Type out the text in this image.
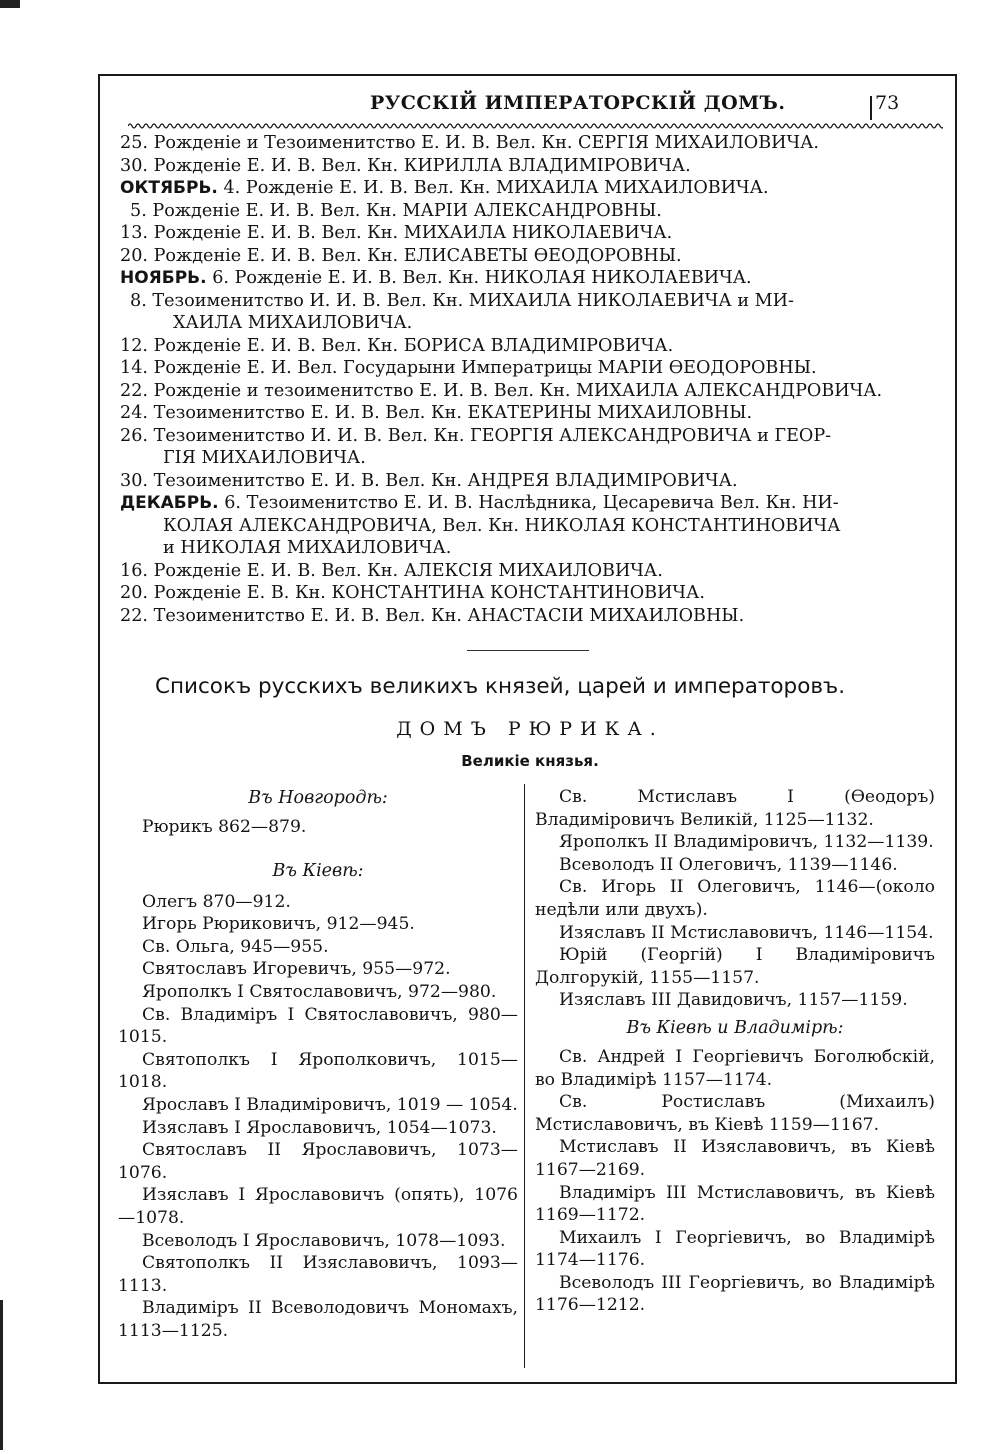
РУССКІЙ ИМПЕРАТОРСКІЙ ДОМЪ.	73
25. Рожденіе и Тезоименитство Е. И. В. Вел. Кн. СЕРГІЯ МИХАИЛОВИЧА.
30. Рожденіе Е. И. В. Вел. Кн. КИРИЛЛА ВЛАДИМІРОВИЧА.
ОКТЯБРЬ. 4. Рожденіе Е. И. В. Вел. Кн. МИХАИЛА МИХАИЛОВИЧА.
5. Рожденіе Е. И. В. Вел. Кн. МАРІИ АЛЕКСАНДРОВНЫ.
13. Рожденіе Е. И. В. Вел. Кн. МИХАИЛА НИКОЛАЕВИЧА.
20. Рожденіе Е. И. В. Вел. Кн. ЕЛИСАВЕТЫ ѲЕОДОРОВНЫ.
НОЯБРЬ. 6. Рожденіе Е. И. В. Вел. Кн. НИКОЛАЯ НИКОЛАЕВИЧА.
8. Тезоименитство И. И. В. Вел. Кн. МИХАИЛА НИКОЛАЕВИЧА и МИ-
ХАИЛА МИХАИЛОВИЧА.
12. Рожденіе Е. И. В. Вел. Кн. БОРИСА ВЛАДИМІРОВИЧА.
14. Рожденіе Е. И. Вел. Государыни Императрицы МАРІИ ѲЕОДОРОВНЫ.
22. Рожденіе и тезоименитство Е. И. В. Вел. Кн. МИХАИЛА АЛЕКСАНДРОВИЧА.
24. Тезоименитство Е. И. В. Вел. Кн. ЕКАТЕРИНЫ МИХАИЛОВНЫ.
26. Тезоименитство И. И. В. Вел. Кн. ГЕОРГІЯ АЛЕКСАНДРОВИЧА и ГЕОР-
ГІЯ МИХАИЛОВИЧА.
30. Тезоименитство Е. И. В. Вел. Кн. АНДРЕЯ ВЛАДИМІРОВИЧА.
ДЕКАБРЬ. 6. Тезоименитство Е. И. В. Наслѣдника, Цесаревича Вел. Кн. НИ-
КОЛАЯ АЛЕКСАНДРОВИЧА, Вел. Кн. НИКОЛАЯ КОНСТАНТИНОВИЧА
и НИКОЛАЯ МИХАИЛОВИЧА.
16. Рожденіе Е. И. В. Вел. Кн. АЛЕКСІЯ МИХАИЛОВИЧА.
20. Рожденіе Е. В. Кн. КОНСТАНТИНА КОНСТАНТИНОВИЧА.
22. Тезоименитство Е. И. В. Вел. Кн. АНАСТАСІИ МИХАИЛОВНЫ.
Списокъ русскихъ великихъ князей, царей и императоровъ.
ДОМЪ РЮРИКА.
Великіе князья.

Въ Новгородѣ:

Рюрикъ 862—879.

Въ Кіевѣ:

Олегъ 870—912.

Игорь Рюриковичъ, 912—945.

Св. Ольга, 945—955.

Святославъ Игоревичъ, 955—972.

Ярополкъ I Святославовичъ, 972—980.

Св. Владиміръ I Святославовичъ, 980—1015.

Святополкъ I Ярополковичъ, 1015—1018.

Ярославъ I Владиміровичъ, 1019 — 1054.

Изяславъ I Ярославовичъ, 1054—1073.

Святославъ II Ярославовичъ, 1073—1076.

Изяславъ I Ярославовичъ (опять), 1076—1078.

Всеволодъ I Ярославовичъ, 1078—1093.

Святополкъ II Изяславовичъ, 1093—1113.

Владиміръ II Всеволодовичъ Мономахъ, 1113—1125.

Св. Мстиславъ I (Ѳеодоръ) Владиміровичъ Великій, 1125—1132.

Ярополкъ II Владиміровичъ, 1132—1139.

Всеволодъ II Олеговичъ, 1139—1146.

Св. Игорь II Олеговичъ, 1146—(около недѣли или двухъ).

Изяславъ II Мстиславовичъ, 1146—1154.

Юрій (Георгій) I Владиміровичъ Долгорукій, 1155—1157.

Изяславъ III Давидовичъ, 1157—1159.

Въ Кіевѣ и Владимірѣ:

Св. Андрей I Георгіевичъ Боголюбскій, во Владимірѣ 1157—1174.

Св. Ростиславъ (Михаилъ) Мстиславовичъ, въ Кіевѣ 1159—1167.

Мстиславъ II Изяславовичъ, въ Кіевѣ 1167—2169.

Владиміръ III Мстиславовичъ, въ Кіевѣ 1169—1172.

Михаилъ I Георгіевичъ, во Владимірѣ 1174—1176.

Всеволодъ III Георгіевичъ, во Владимірѣ 1176—1212.
